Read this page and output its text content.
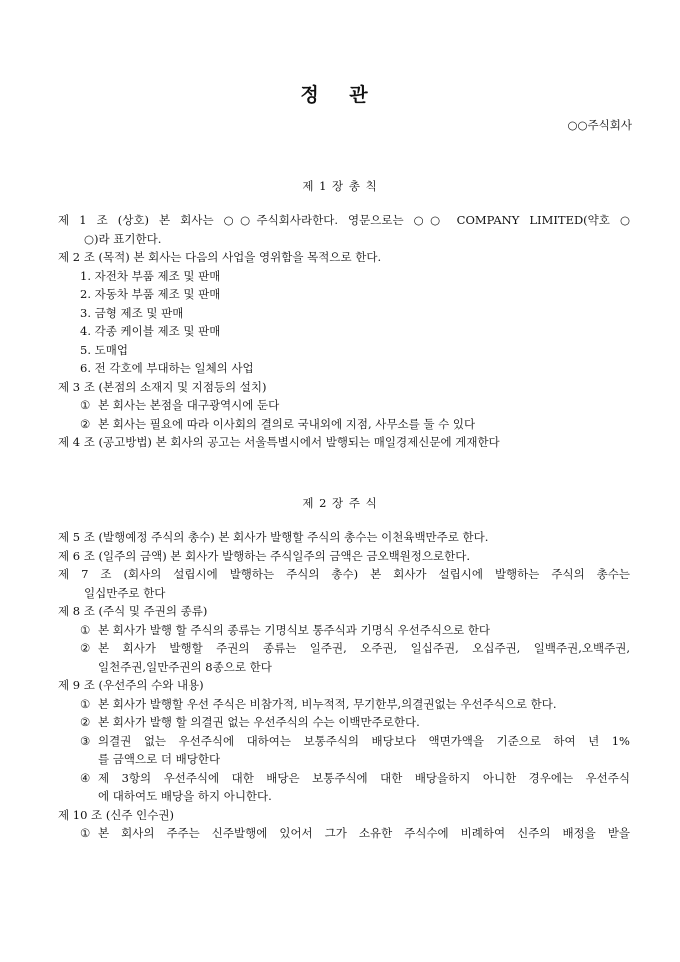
정 관
○○주식회사
제 1 장 총 칙
제 1 조 (상호) 본 회사는 ○○주식회사라한다. 영문으로는 ○○ COMPANY LIMITED(약호 ○
○)라 표기한다.
제 2 조 (목적) 본 회사는 다음의 사업을 영위함을 목적으로 한다.
1. 자전차 부품 제조 및 판매
2. 자동차 부품 제조 및 판매
3. 금형 제조 및 판매
4. 각종 케이블 제조 및 판매
5. 도매업
6. 전 각호에 부대하는 일체의 사업
제 3 조 (본점의 소재지 및 지점등의 설치)
① 본 회사는 본점을 대구광역시에 둔다
② 본 회사는 필요에 따라 이사회의 결의로 국내외에 지점, 사무소를 둘 수 있다
제 4 조 (공고방법) 본 회사의 공고는 서울특별시에서 발행되는 매일경제신문에 게재한다
제 2 장 주 식
제 5 조 (발행예정 주식의 총수) 본 회사가 발행할 주식의 총수는 이천육백만주로 한다.
제 6 조 (일주의 금액) 본 회사가 발행하는 주식일주의 금액은 금오백원정으로한다.
제 7 조 (회사의 설립시에 발행하는 주식의 총수) 본 회사가 설립시에 발행하는 주식의 총수는
일십만주로 한다
제 8 조 (주식 및 주권의 종류)
① 본 회사가 발행 할 주식의 종류는 기명식보 통주식과 기명식 우선주식으로 한다
② 본 회사가 발행할 주권의 종류는 일주권, 오주권, 일십주권, 오십주권, 일백주권,오백주권,
일천주권,일만주권의 8종으로 한다
제 9 조 (우선주의 수와 내용)
① 본 회사가 발행할 우선 주식은 비참가적, 비누적적, 무기한부,의결권없는 우선주식으로 한다.
② 본 회사가 발행 할 의결권 없는 우선주식의 수는 이백만주로한다.
③ 의결권 없는 우선주식에 대하여는 보통주식의 배당보다 액면가액을 기준으로 하여 년 1%
를 금액으로 더 배당한다
④ 제 3항의 우선주식에 대한 배당은 보통주식에 대한 배당을하지 아니한 경우에는 우선주식
에 대하여도 배당을 하지 아니한다.
제 10 조 (신주 인수권)
① 본 회사의 주주는 신주발행에 있어서 그가 소유한 주식수에 비례하여 신주의 배정을 받을
